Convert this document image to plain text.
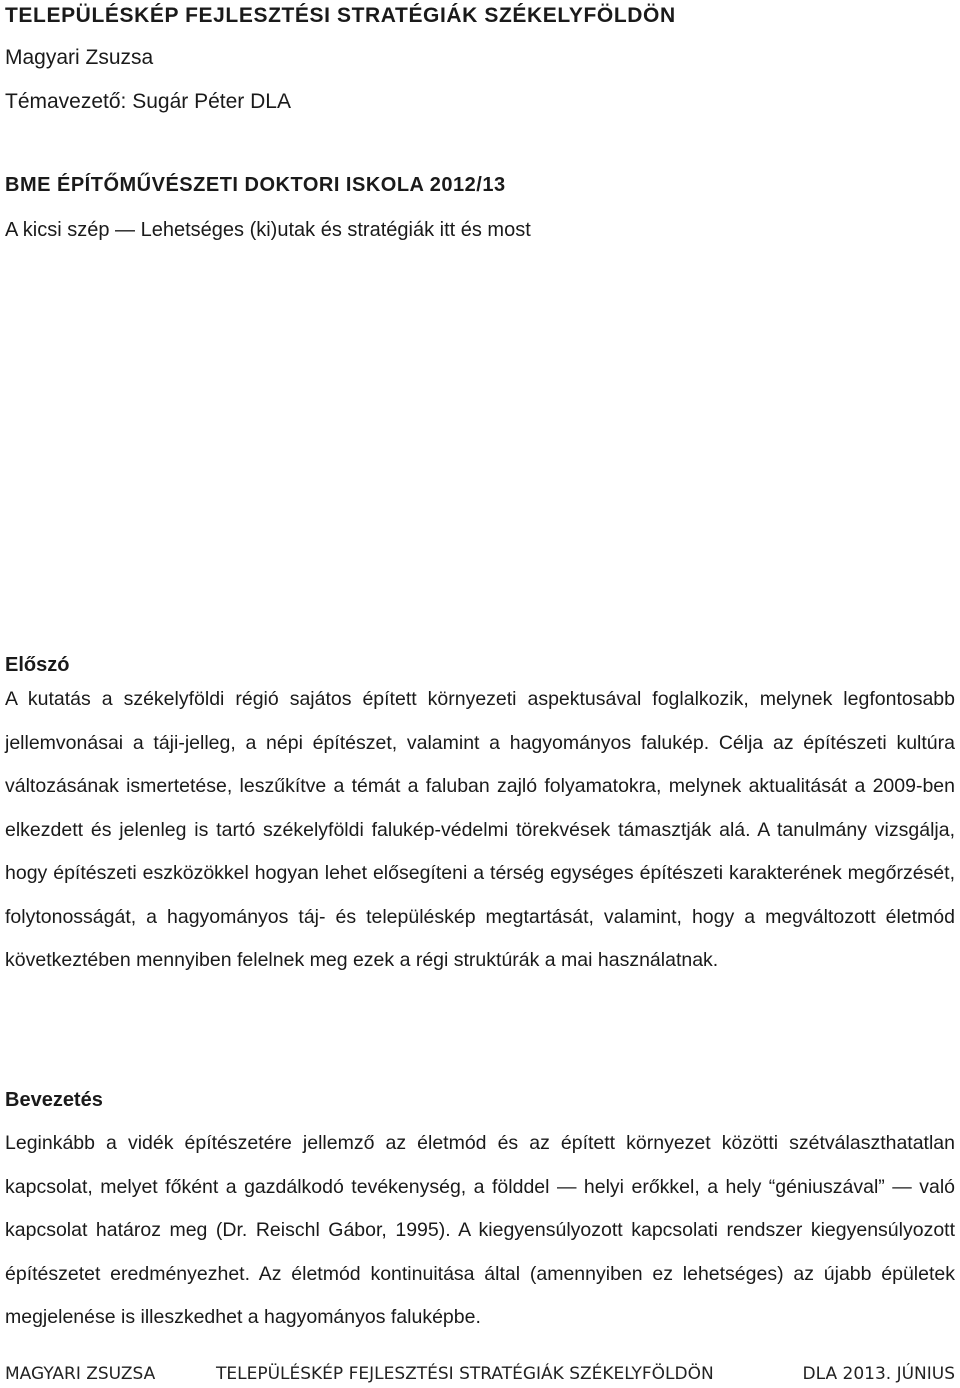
TELEPÜLÉSKÉP FEJLESZTÉSI STRATÉGIÁK SZÉKELYFÖLDÖN
Magyari Zsuzsa
Témavezető: Sugár Péter DLA
BME ÉPÍTŐMŰVÉSZETI DOKTORI ISKOLA 2012/13
A kicsi szép — Lehetséges (ki)utak és stratégiák itt és most
Előszó
A kutatás a székelyföldi régió sajátos épített környezeti aspektusával foglalkozik, melynek legfontosabb jellemvonásai a táji-jelleg, a népi építészet, valamint a hagyományos falukép. Célja az építészeti kultúra változásának ismertetése, leszűkítve a témát a faluban zajló folyamatokra, melynek aktualitását a 2009-ben elkezdett és jelenleg is tartó székelyföldi falukép-védelmi törekvések támasztják alá. A tanulmány vizsgálja, hogy építészeti eszközökkel hogyan lehet elősegíteni a térség egységes építészeti karakterének megőrzését, folytonosságát, a hagyományos táj- és településkép megtartását, valamint, hogy a megváltozott életmód következtében mennyiben felelnek meg ezek a régi struktúrák a mai használatnak.
Bevezetés
Leginkább a vidék építészetére jellemző az életmód és az épített környezet közötti szétválaszthatatlan kapcsolat, melyet főként a gazdálkodó tevékenység, a földdel — helyi erőkkel, a hely “géniuszával” — való kapcsolat határoz meg (Dr. Reischl Gábor, 1995). A kiegyensúlyozott kapcsolati rendszer kiegyensúlyozott építészetet eredményezhet. Az életmód kontinuitása által (amennyiben ez lehetséges) az újabb épületek megjelenése is illeszkedhet a hagyományos faluképbe.
MAGYARI ZSUZSA	TELEPÜLÉSKÉP FEJLESZTÉSI STRATÉGIÁK SZÉKELYFÖLDÖN	DLA 2013. JÚNIUS
